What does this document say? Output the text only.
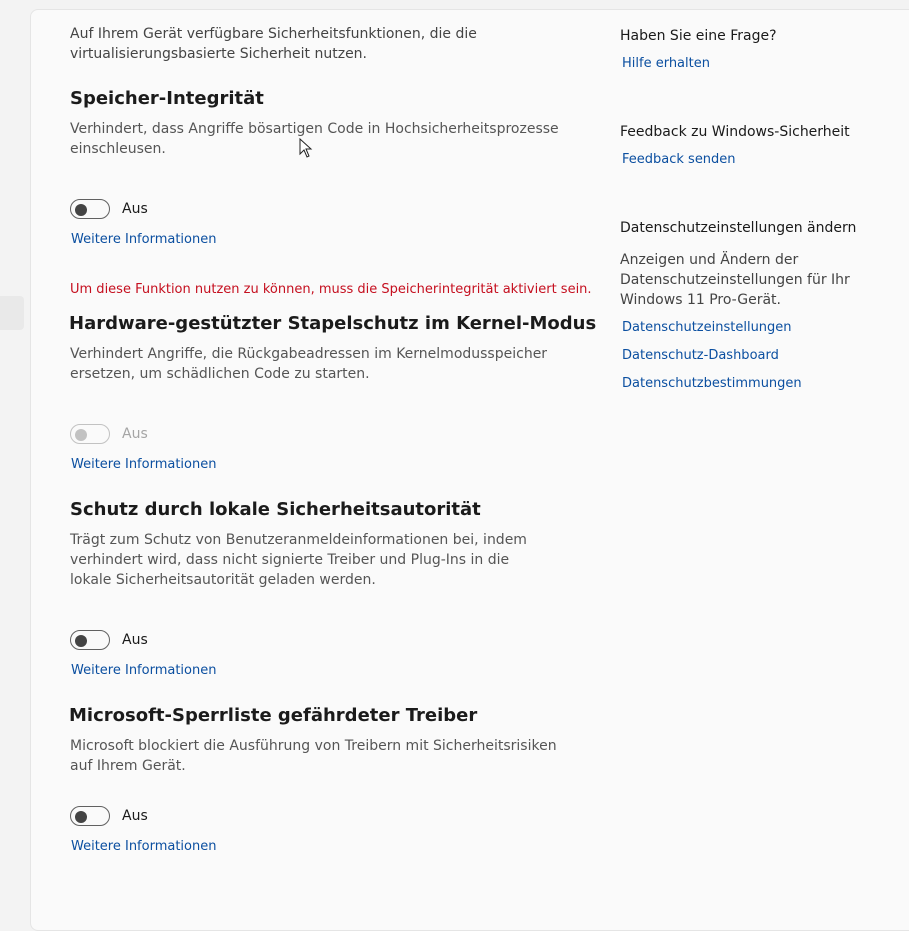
Auf Ihrem Gerät verfügbare Sicherheitsfunktionen, die die virtualisierungsbasierte Sicherheit nutzen.
Speicher-Integrität
Verhindert, dass Angriffe bösartigen Code in Hochsicherheitsprozesse einschleusen.
Aus
Weitere Informationen
Um diese Funktion nutzen zu können, muss die Speicherintegrität aktiviert sein.
Hardware-gestützter Stapelschutz im Kernel-Modus
Verhindert Angriffe, die Rückgabeadressen im Kernelmodusspeicher ersetzen, um schädlichen Code zu starten.
Aus
Weitere Informationen
Schutz durch lokale Sicherheitsautorität
Trägt zum Schutz von Benutzeranmeldeinformationen bei, indem verhindert wird, dass nicht signierte Treiber und Plug-Ins in die lokale Sicherheitsautorität geladen werden.
Aus
Weitere Informationen
Microsoft-Sperrliste gefährdeter Treiber
Microsoft blockiert die Ausführung von Treibern mit Sicherheitsrisiken auf Ihrem Gerät.
Aus
Weitere Informationen
Haben Sie eine Frage?
Hilfe erhalten
Feedback zu Windows-Sicherheit
Feedback senden
Datenschutzeinstellungen ändern
Anzeigen und Ändern der Datenschutzeinstellungen für Ihr Windows 11 Pro-Gerät.
Datenschutzeinstellungen
Datenschutz-Dashboard
Datenschutzbestimmungen
